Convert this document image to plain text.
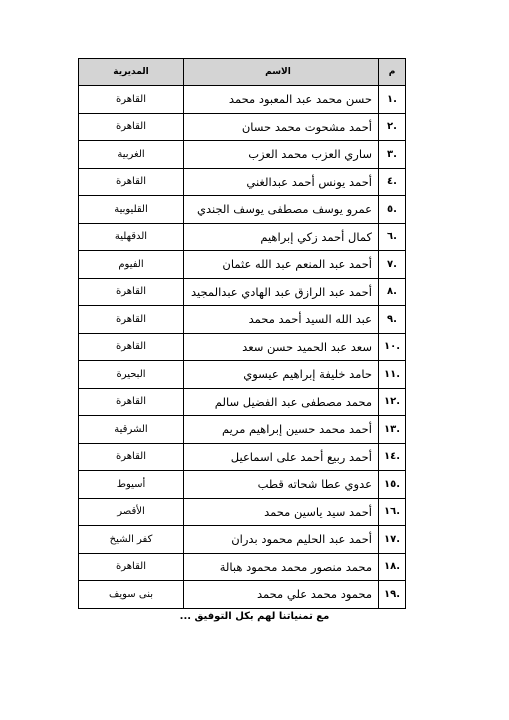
م	الاسم	المديرية
.١	حسن محمد عبد المعبود محمد	القاهرة
.٢	أحمد مشحوت محمد حسان	القاهرة
.٣	ساري العزب محمد العزب	الغربية
.٤	أحمد يونس أحمد عبدالغني	القاهرة
.٥	عمرو يوسف مصطفى يوسف الجندي	القليوبية
.٦	كمال أحمد زكي إبراهيم	الدقهلية
.٧	أحمد عبد المنعم عبد الله عثمان	الفيوم
.٨	أحمد عبد الرازق عبد الهادي عبدالمجيد	القاهرة
.٩	عبد الله السيد أحمد محمد	القاهرة
.١٠	سعد عبد الحميد حسن سعد	القاهرة
.١١	حامد خليفة إبراهيم عيسوي	البحيرة
.١٢	محمد مصطفى عبد الفضيل سالم	القاهرة
.١٣	أحمد محمد حسين إبراهيم مريم	الشرقية
.١٤	أحمد ربيع أحمد على اسماعيل	القاهرة
.١٥	عدوي عطا شحاته قطب	أسيوط
.١٦	أحمد سيد ياسين محمد	الأقصر
.١٧	أحمد عبد الحليم محمود بدران	كفر الشيخ
.١٨	محمد منصور محمد محمود هبالة	القاهرة
.١٩	محمود محمد علي محمد	بنى سويف
مع تمنياتنا لهم بكل التوفيق ...
